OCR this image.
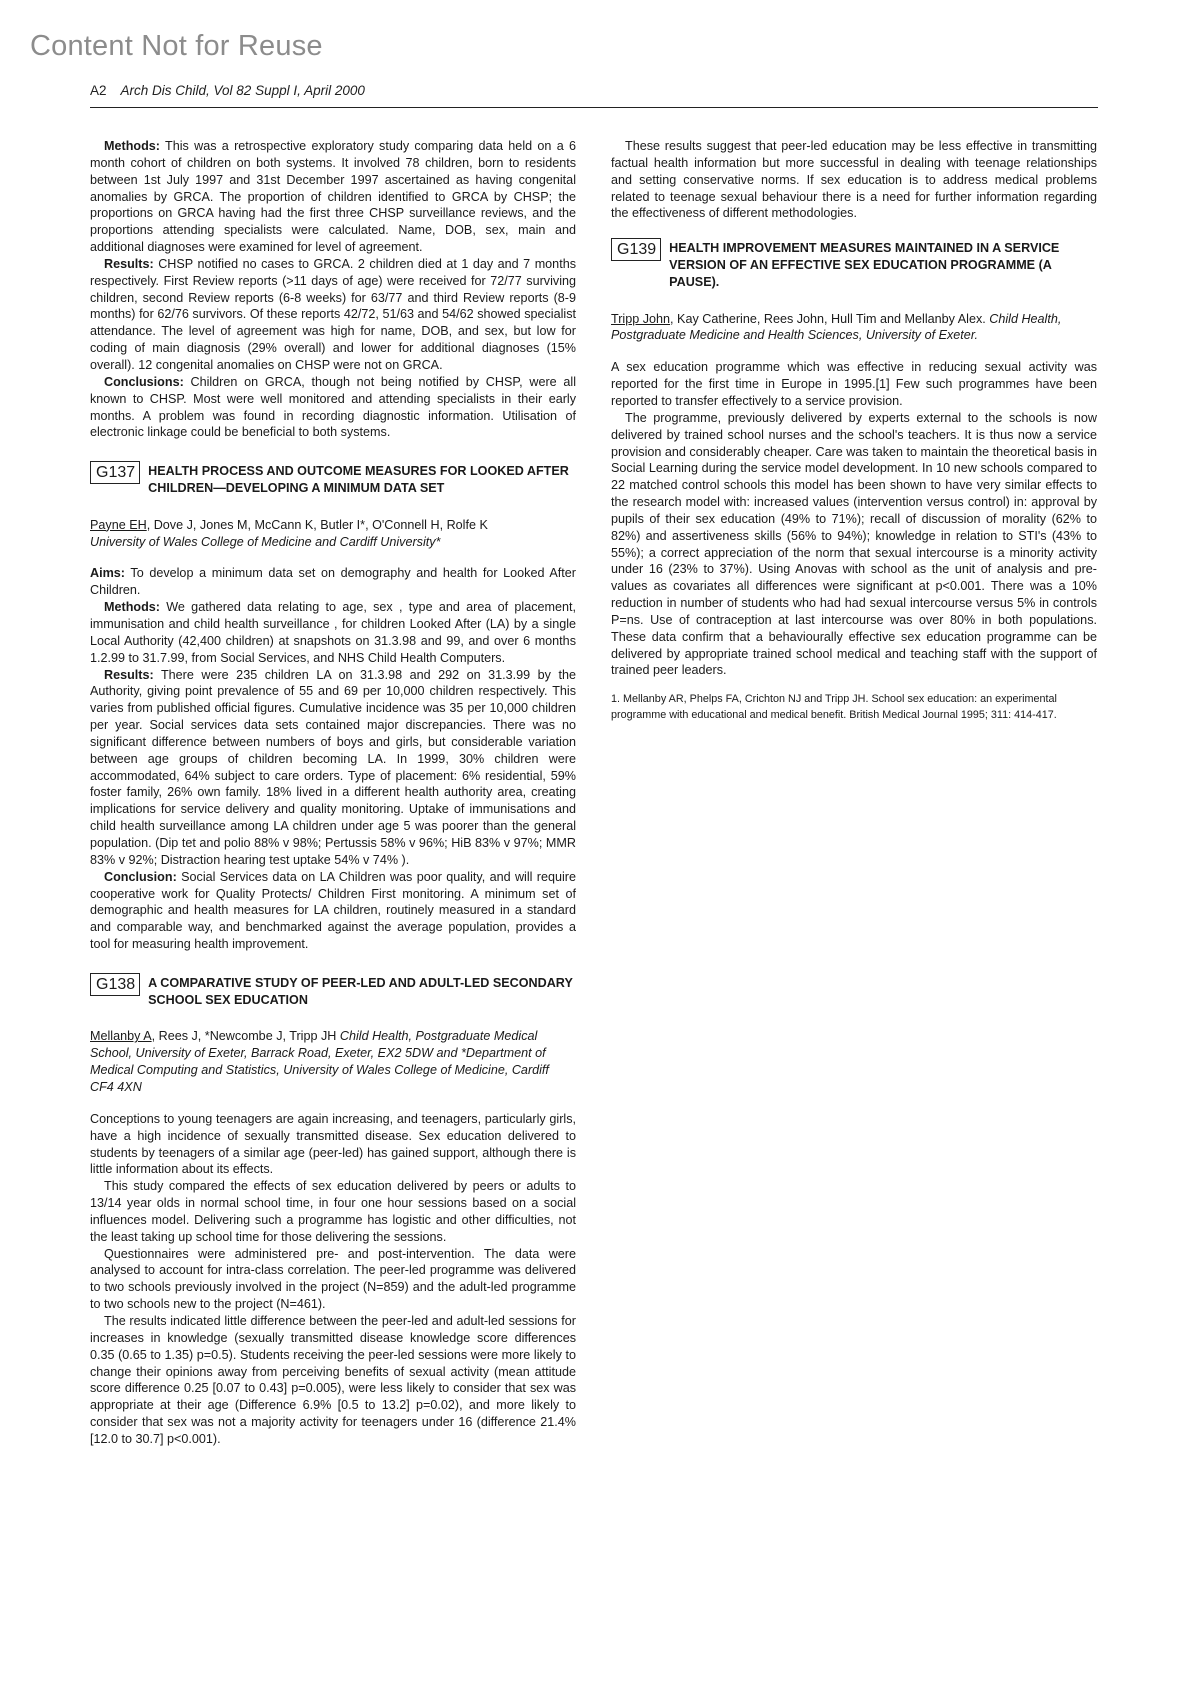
Content Not for Reuse
A2 Arch Dis Child, Vol 82 Suppl I, April 2000

Methods: This was a retrospective exploratory study comparing data held on a 6 month cohort of children on both systems. It involved 78 children, born to residents between 1st July 1997 and 31st December 1997 ascertained as having congenital anomalies by GRCA. The proportion of children identified to GRCA by CHSP; the proportions on GRCA having had the first three CHSP surveillance reviews, and the proportions attending specialists were calculated. Name, DOB, sex, main and additional diagnoses were examined for level of agreement.

Results: CHSP notified no cases to GRCA. 2 children died at 1 day and 7 months respectively. First Review reports (>11 days of age) were received for 72/77 surviving children, second Review reports (6-8 weeks) for 63/77 and third Review reports (8-9 months) for 62/76 survivors. Of these reports 42/72, 51/63 and 54/62 showed specialist attendance. The level of agreement was high for name, DOB, and sex, but low for coding of main diagnosis (29% overall) and lower for additional diagnoses (15% overall). 12 congenital anomalies on CHSP were not on GRCA.

Conclusions: Children on GRCA, though not being notified by CHSP, were all known to CHSP. Most were well monitored and attending specialists in their early months. A problem was found in recording diagnostic information. Utilisation of electronic linkage could be beneficial to both systems.

G137	HEALTH PROCESS AND OUTCOME MEASURES FOR LOOKED AFTER CHILDREN—DEVELOPING A MINIMUM DATA SET

Payne EH, Dove J, Jones M, McCann K, Butler I*, O'Connell H, Rolfe K

University of Wales College of Medicine and Cardiff University*

Aims: To develop a minimum data set on demography and health for Looked After Children.

Methods: We gathered data relating to age, sex , type and area of placement, immunisation and child health surveillance , for children Looked After (LA) by a single Local Authority (42,400 children) at snapshots on 31.3.98 and 99, and over 6 months 1.2.99 to 31.7.99, from Social Services, and NHS Child Health Computers.

Results: There were 235 children LA on 31.3.98 and 292 on 31.3.99 by the Authority, giving point prevalence of 55 and 69 per 10,000 children respectively. This varies from published official figures. Cumulative incidence was 35 per 10,000 children per year. Social services data sets contained major discrepancies. There was no significant difference between numbers of boys and girls, but considerable variation between age groups of children becoming LA. In 1999, 30% children were accommodated, 64% subject to care orders. Type of placement: 6% residential, 59% foster family, 26% own family. 18% lived in a different health authority area, creating implications for service delivery and quality monitoring. Uptake of immunisations and child health surveillance among LA children under age 5 was poorer than the general population. (Dip tet and polio 88% v 98%; Pertussis 58% v 96%; HiB 83% v 97%; MMR 83% v 92%; Distraction hearing test uptake 54% v 74% ).

Conclusion: Social Services data on LA Children was poor quality, and will require cooperative work for Quality Protects/ Children First monitoring. A minimum set of demographic and health measures for LA children, routinely measured in a standard and comparable way, and benchmarked against the average population, provides a tool for measuring health improvement.

G138	A COMPARATIVE STUDY OF PEER-LED AND ADULT-LED SECONDARY SCHOOL SEX EDUCATION

Mellanby A, Rees J, *Newcombe J, Tripp JH Child Health, Postgraduate Medical School, University of Exeter, Barrack Road, Exeter, EX2 5DW and *Department of Medical Computing and Statistics, University of Wales College of Medicine, Cardiff CF4 4XN

Conceptions to young teenagers are again increasing, and teenagers, particularly girls, have a high incidence of sexually transmitted disease. Sex education delivered to students by teenagers of a similar age (peer-led) has gained support, although there is little information about its effects.

This study compared the effects of sex education delivered by peers or adults to 13/14 year olds in normal school time, in four one hour sessions based on a social influences model. Delivering such a programme has logistic and other difficulties, not the least taking up school time for those delivering the sessions.

Questionnaires were administered pre- and post-intervention. The data were analysed to account for intra-class correlation. The peer-led programme was delivered to two schools previously involved in the project (N=859) and the adult-led programme to two schools new to the project (N=461).

The results indicated little difference between the peer-led and adult-led sessions for increases in knowledge (sexually transmitted disease knowledge score differences 0.35 (0.65 to 1.35) p=0.5). Students receiving the peer-led sessions were more likely to change their opinions away from perceiving benefits of sexual activity (mean attitude score difference 0.25 [0.07 to 0.43] p=0.005), were less likely to consider that sex was appropriate at their age (Difference 6.9% [0.5 to 13.2] p=0.02), and more likely to consider that sex was not a majority activity for teenagers under 16 (difference 21.4% [12.0 to 30.7] p<0.001).

These results suggest that peer-led education may be less effective in transmitting factual health information but more successful in dealing with teenage relationships and setting conservative norms. If sex education is to address medical problems related to teenage sexual behaviour there is a need for further information regarding the effectiveness of different methodologies.

G139	HEALTH IMPROVEMENT MEASURES MAINTAINED IN A SERVICE VERSION OF AN EFFECTIVE SEX EDUCATION PROGRAMME (A PAUSE).

Tripp John, Kay Catherine, Rees John, Hull Tim and Mellanby Alex. Child Health, Postgraduate Medicine and Health Sciences, University of Exeter.

A sex education programme which was effective in reducing sexual activity was reported for the first time in Europe in 1995.[1] Few such programmes have been reported to transfer effectively to a service provision.

The programme, previously delivered by experts external to the schools is now delivered by trained school nurses and the school's teachers. It is thus now a service provision and considerably cheaper. Care was taken to maintain the theoretical basis in Social Learning during the service model development. In 10 new schools compared to 22 matched control schools this model has been shown to have very similar effects to the research model with: increased values (intervention versus control) in: approval by pupils of their sex education (49% to 71%); recall of discussion of morality (62% to 82%) and assertiveness skills (56% to 94%); knowledge in relation to STI's (43% to 55%); a correct appreciation of the norm that sexual intercourse is a minority activity under 16 (23% to 37%). Using Anovas with school as the unit of analysis and pre-values as covariates all differences were significant at p<0.001. There was a 10% reduction in number of students who had had sexual intercourse versus 5% in controls P=ns. Use of contraception at last intercourse was over 80% in both populations. These data confirm that a behaviourally effective sex education programme can be delivered by appropriate trained school medical and teaching staff with the support of trained peer leaders.

1. Mellanby AR, Phelps FA, Crichton NJ and Tripp JH. School sex education: an experimental programme with educational and medical benefit. British Medical Journal 1995; 311: 414-417.
